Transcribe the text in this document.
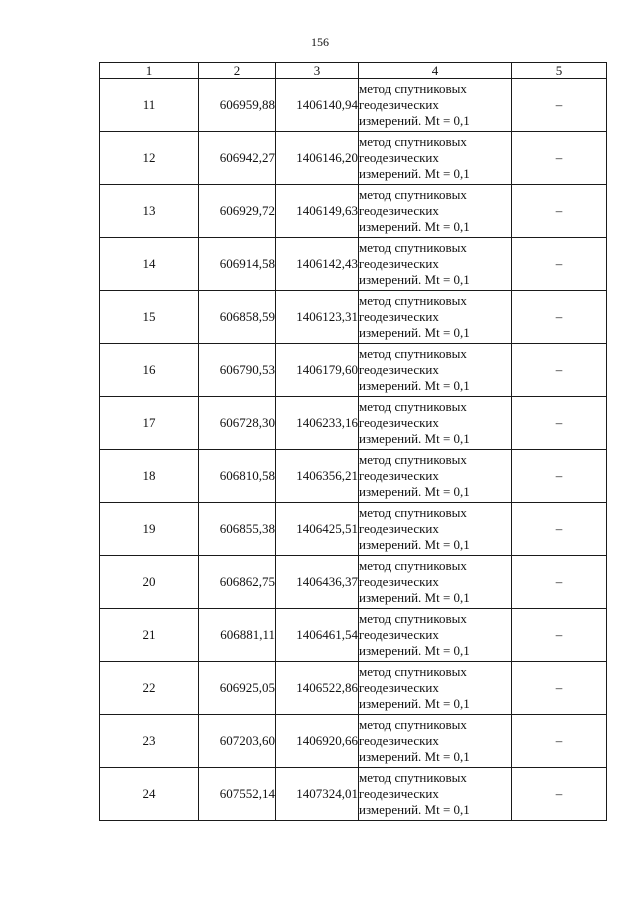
156
1	2	3	4	5
11	606959,88	1406140,94	метод спутниковых
геодезических
измерений. Mt = 0,1	–
12	606942,27	1406146,20	метод спутниковых
геодезических
измерений. Mt = 0,1	–
13	606929,72	1406149,63	метод спутниковых
геодезических
измерений. Mt = 0,1	–
14	606914,58	1406142,43	метод спутниковых
геодезических
измерений. Mt = 0,1	–
15	606858,59	1406123,31	метод спутниковых
геодезических
измерений. Mt = 0,1	–
16	606790,53	1406179,60	метод спутниковых
геодезических
измерений. Mt = 0,1	–
17	606728,30	1406233,16	метод спутниковых
геодезических
измерений. Mt = 0,1	–
18	606810,58	1406356,21	метод спутниковых
геодезических
измерений. Mt = 0,1	–
19	606855,38	1406425,51	метод спутниковых
геодезических
измерений. Mt = 0,1	–
20	606862,75	1406436,37	метод спутниковых
геодезических
измерений. Mt = 0,1	–
21	606881,11	1406461,54	метод спутниковых
геодезических
измерений. Mt = 0,1	–
22	606925,05	1406522,86	метод спутниковых
геодезических
измерений. Mt = 0,1	–
23	607203,60	1406920,66	метод спутниковых
геодезических
измерений. Mt = 0,1	–
24	607552,14	1407324,01	метод спутниковых
геодезических
измерений. Mt = 0,1	–
